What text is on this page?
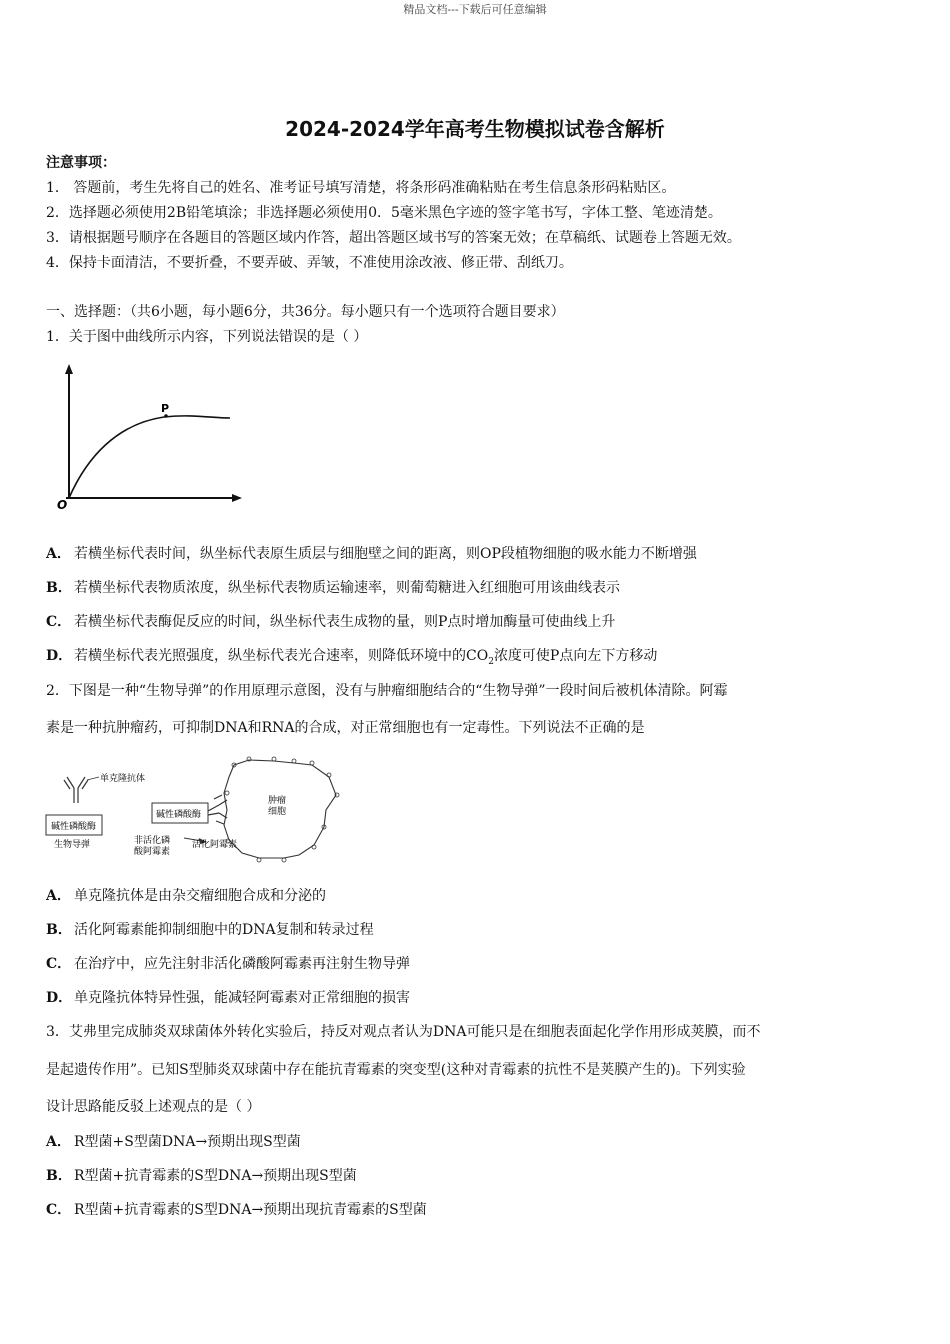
精品文档---下载后可任意编辑
2024-2024学年高考生物模拟试卷含解析
注意事项：
1． 答题前，考生先将自己的姓名、准考证号填写清楚，将条形码准确粘贴在考生信息条形码粘贴区。
2．选择题必须使用2B铅笔填涂；非选择题必须使用0．5毫米黑色字迹的签字笔书写，字体工整、笔迹清楚。
3．请根据题号顺序在各题目的答题区域内作答，超出答题区域书写的答案无效；在草稿纸、试题卷上答题无效。
4．保持卡面清洁，不要折叠，不要弄破、弄皱，不准使用涂改液、修正带、刮纸刀。
一、选择题：（共6小题，每小题6分，共36分。每小题只有一个选项符合题目要求）
1．关于图中曲线所示内容，下列说法错误的是（ ）
P
O
A． 若横坐标代表时间，纵坐标代表原生质层与细胞壁之间的距离，则OP段植物细胞的吸水能力不断增强
B． 若横坐标代表物质浓度，纵坐标代表物质运输速率，则葡萄糖进入红细胞可用该曲线表示
C． 若横坐标代表酶促反应的时间，纵坐标代表生成物的量，则P点时增加酶量可使曲线上升
D． 若横坐标代表光照强度，纵坐标代表光合速率，则降低环境中的$CO_2$浓度可使P点向左下方移动
2．下图是一种“生物导弹”的作用原理示意图，没有与肿瘤细胞结合的“生物导弹”一段时间后被机体清除。阿霉
素是一种抗肿瘤药，可抑制DNA和RNA的合成，对正常细胞也有一定毒性。下列说法不正确的是
单克隆抗体
碱性磷酸酶
生物导弹
碱性磷酸酶
非活化磷
酸阿霉素
活化阿霉素
肿瘤
细胞
A． 单克隆抗体是由杂交瘤细胞合成和分泌的
B． 活化阿霉素能抑制细胞中的DNA复制和转录过程
C． 在治疗中，应先注射非活化磷酸阿霉素再注射生物导弹
D． 单克隆抗体特异性强，能减轻阿霉素对正常细胞的损害
3．艾弗里完成肺炎双球菌体外转化实验后，持反对观点者认为DNA可能只是在细胞表面起化学作用形成荚膜，而不
是起遗传作用”。已知S型肺炎双球菌中存在能抗青霉素的突变型(这种对青霉素的抗性不是荚膜产生的)。下列实验
设计思路能反驳上述观点的是（ ）
A． R型菌+S型菌DNA→预期出现S型菌
B． R型菌+抗青霉素的S型DNA→预期出现S型菌
C． R型菌+抗青霉素的S型DNA→预期出现抗青霉素的S型菌
